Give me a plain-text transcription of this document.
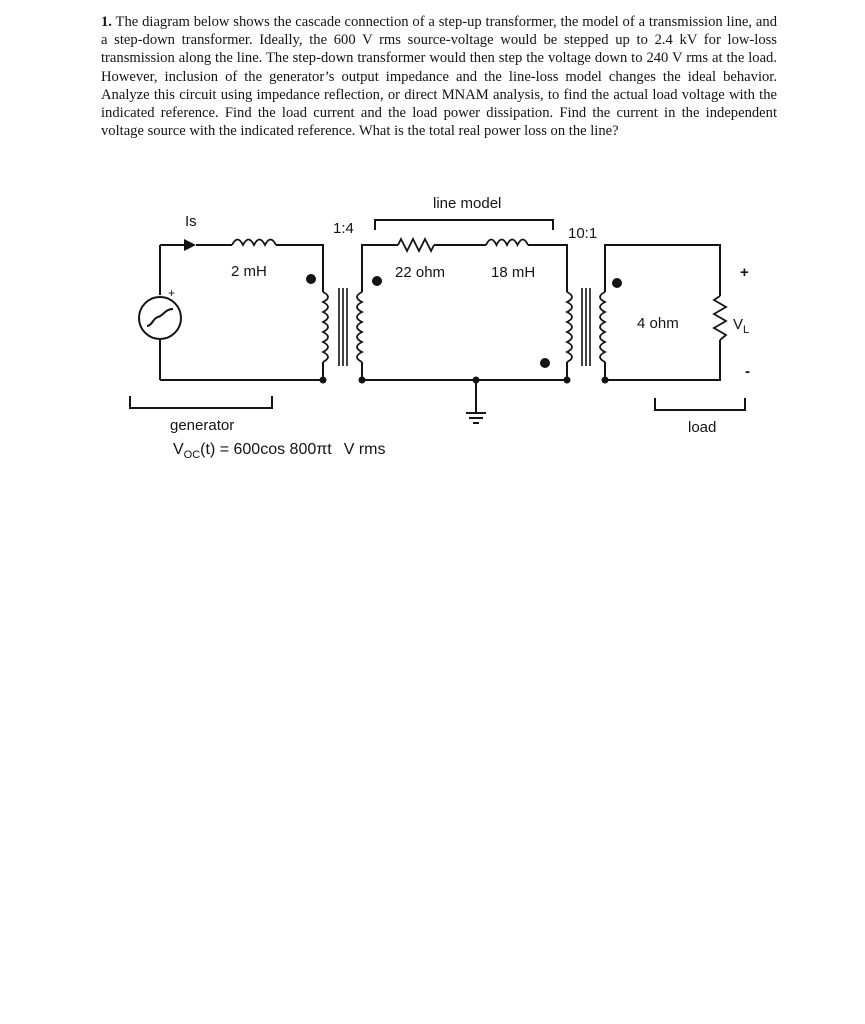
1. The diagram below shows the cascade connection of a step-up transformer, the model of a transmission line, and a step-down transformer. Ideally, the 600 V rms source-voltage would be stepped up to 2.4 kV for low-loss transmission along the line. The step-down transformer would then step the voltage down to 240 V rms at the load. However, inclusion of the generator’s output impedance and the line-loss model changes the ideal behavior. Analyze this circuit using impedance reflection, or direct MNAM analysis, to find the actual load voltage with the indicated reference. Find the load current and the load power dissipation. Find the current in the independent voltage source with the indicated reference. What is the total real power loss on the line?

line model
Is
+
2 mH
1:4
22 ohm	18 mH
10:1
4 ohm
+
-
$V_L$
generator	load
$V_{OC}(t) = 600\cos$ 800πt V rms
